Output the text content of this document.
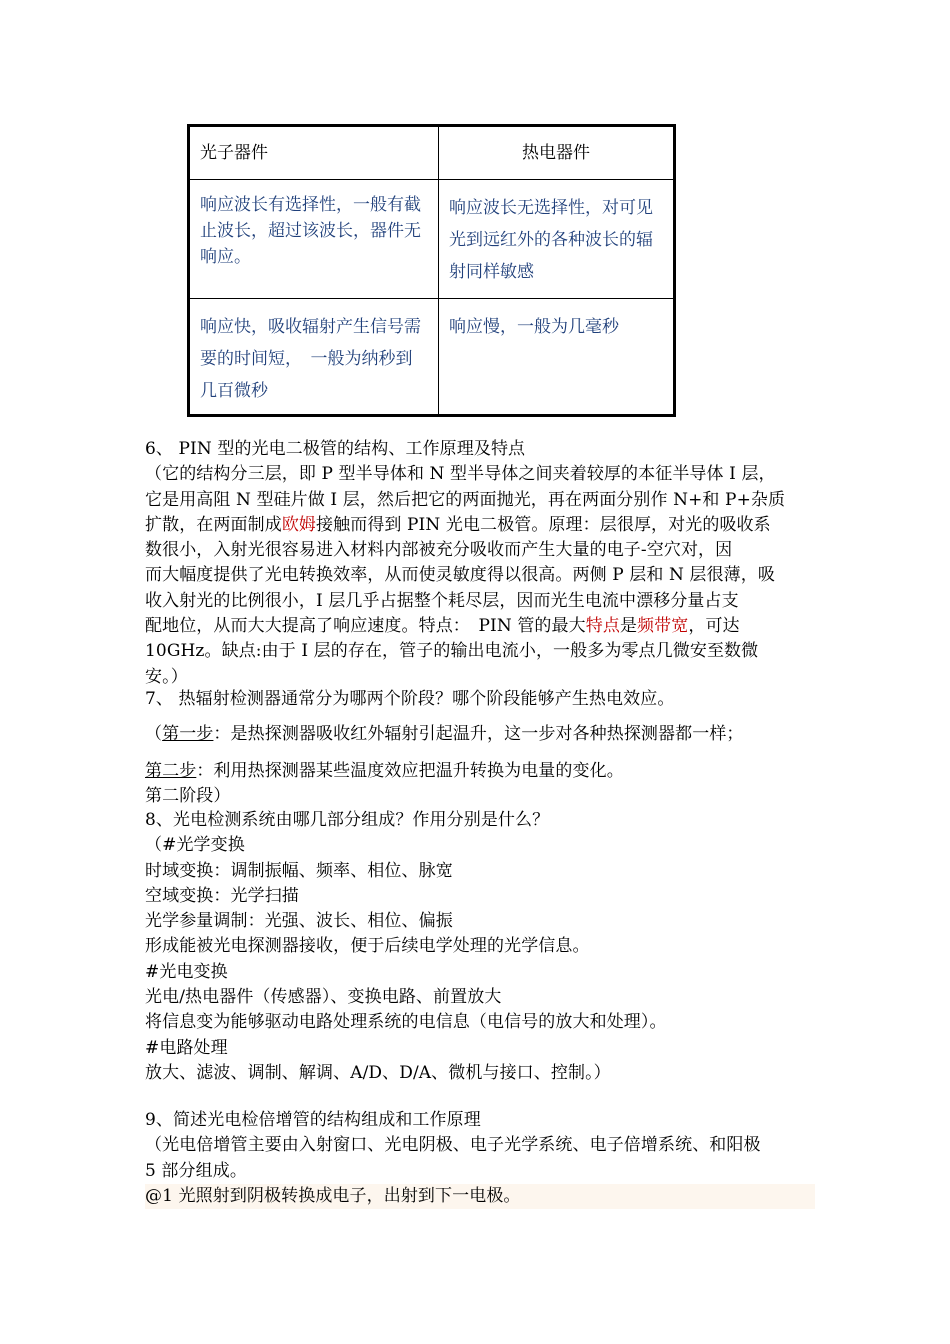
光子器件	热电器件
响应波长有选择性，一般有截止波长，超过该波长，器件无响应。
响应波长无选择性，对可见光到远红外的各种波长的辐射同样敏感
响应快，吸收辐射产生信号需要的时间短，　一般为纳秒到几百微秒
响应慢，一般为几毫秒

6、 PIN 型的光电二极管的结构、工作原理及特点

（它的结构分三层，即 P 型半导体和 N 型半导体之间夹着较厚的本征半导体 I 层，

它是用高阻 N 型硅片做 I 层，然后把它的两面抛光，再在两面分别作 N+和 P+杂质

扩散，在两面制成欧姆接触而得到 PIN 光电二极管。原理：层很厚，对光的吸收系

数很小，入射光很容易进入材料内部被充分吸收而产生大量的电子-空穴对，因

而大幅度提供了光电转换效率，从而使灵敏度得以很高。两侧 P 层和 N 层很薄，吸

收入射光的比例很小，I 层几乎占据整个耗尽层，因而光生电流中漂移分量占支

配地位，从而大大提高了响应速度。特点：　PIN 管的最大特点是频带宽，可达

10GHz。缺点:由于 I 层的存在，管子的输出电流小，一般多为零点几微安至数微

安。）

7、 热辐射检测器通常分为哪两个阶段？哪个阶段能够产生热电效应。

（第一步：是热探测器吸收红外辐射引起温升，这一步对各种热探测器都一样；

第二步：利用热探测器某些温度效应把温升转换为电量的变化。

第二阶段）

8、光电检测系统由哪几部分组成？作用分别是什么？

（#光学变换

时域变换：调制振幅、频率、相位、脉宽

空域变换：光学扫描

光学参量调制：光强、波长、相位、偏振

形成能被光电探测器接收，便于后续电学处理的光学信息。

#光电变换

光电/热电器件（传感器）、变换电路、前置放大

将信息变为能够驱动电路处理系统的电信息（电信号的放大和处理）。

#电路处理

放大、滤波、调制、解调、A/D、D/A、微机与接口、控制。）

9、简述光电检倍增管的结构组成和工作原理

（光电倍增管主要由入射窗口、光电阴极、电子光学系统、电子倍增系统、和阳极

5 部分组成。

@1 光照射到阴极转换成电子，出射到下一电极。
